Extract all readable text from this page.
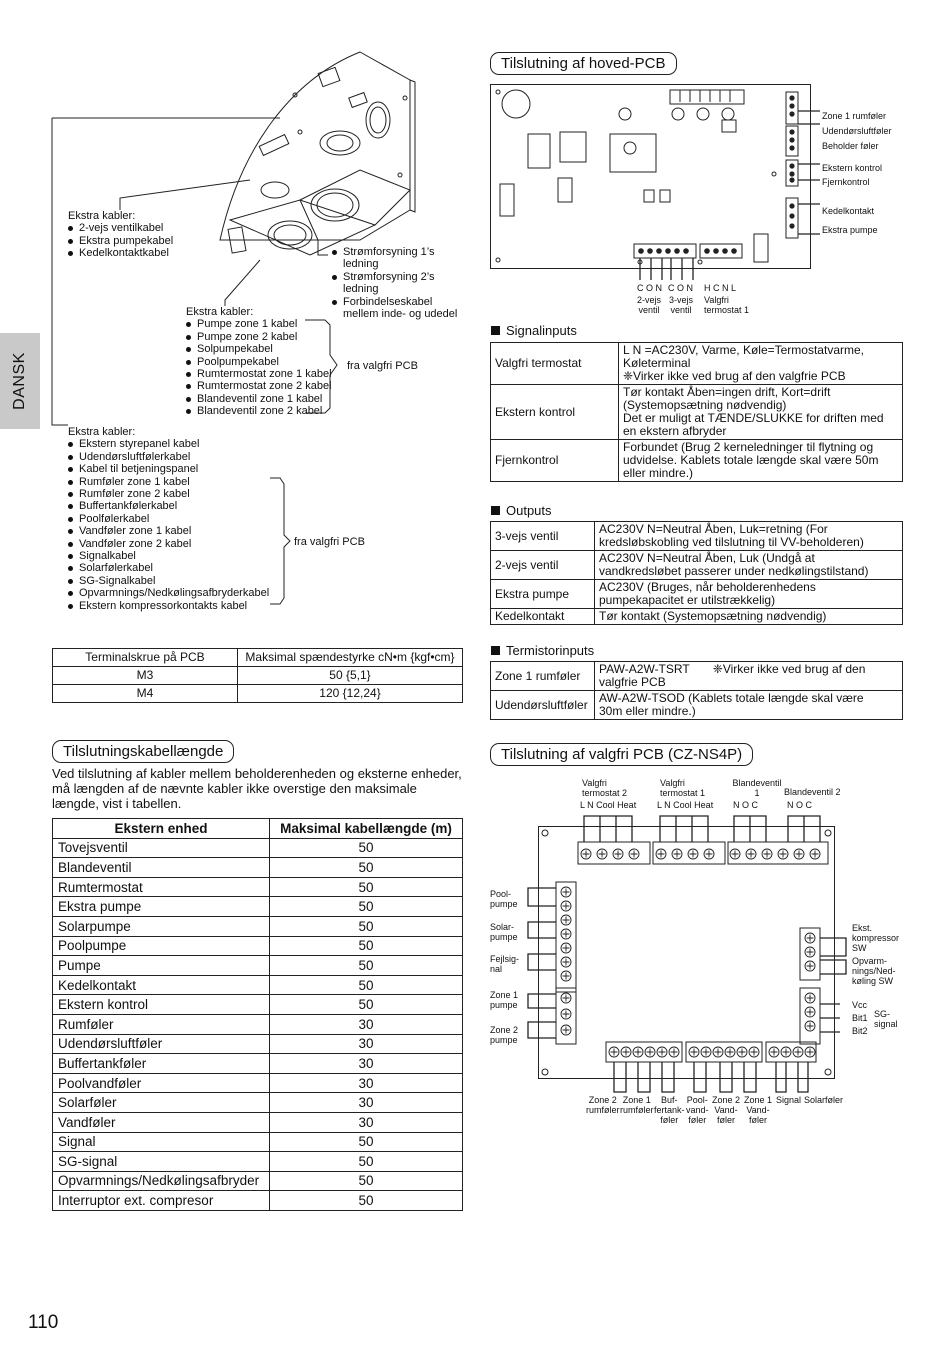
DANSK
Ekstra kabler:
2-vejs ventilkabel
Ekstra pumpekabel
Kedelkontaktkabel	Strømforsyning 1’s
ledning
Strømforsyning 2’s
ledning
Forbindelseskabel
mellem inde- og udedel
Ekstra kabler:
Pumpe zone 1 kabel
Pumpe zone 2 kabel
Solpumpekabel
Poolpumpekabel
Rumtermostat zone 1 kabel
Rumtermostat zone 2 kabel
Blandeventil zone 1 kabel
Blandeventil zone 2 kabel
fra valgfri PCB
Ekstra kabler:
Ekstern styrepanel kabel
Udendørsluftfølerkabel
Kabel til betjeningspanel
Rumføler zone 1 kabel
Rumføler zone 2 kabel
Buffertankfølerkabel
Poolfølerkabel
Vandføler zone 1 kabel
Vandføler zone 2 kabel
Signalkabel
Solarfølerkabel
SG-Signalkabel
Opvarmnings/Nedkølingsafbryderkabel
Ekstern kompressorkontakts kabel
fra valgfri PCB
Terminalskrue på PCB	Maksimal spændestyrke cN•m {kgf•cm}
M3	50 {5,1}
M4	120 {12,24}
Tilslutningskabellængde
Ved tilslutning af kabler mellem beholderenheden og eksterne enheder, må længden af de nævnte kabler ikke overstige den maksimale længde, vist i tabellen.
Ekstern enhed	Maksimal kabellængde (m)
Tovejsventil	50
Blandeventil	50
Rumtermostat	50
Ekstra pumpe	50
Solarpumpe	50
Poolpumpe	50
Pumpe	50
Kedelkontakt	50
Ekstern kontrol	50
Rumføler	30
Udendørsluftføler	30
Buffertankføler	30
Poolvandføler	30
Solarføler	30
Vandføler	30
Signal	50
SG-signal	50
Opvarmnings/Nedkølingsafbryder	50
Interruptor ext. compresor	50
110
Tilslutning af hoved-PCB
Zone 1 rumføler
Udendørsluftføler
Beholder føler
Ekstern kontrol
Fjernkontrol
Kedelkontakt
Ekstra pumpe
C O N C O N H C N L
2-vejs
ventil
3-vejs
ventil
Valgfri
termostat 1
Signalinputs
Valgfri termostat	L N =AC230V, Varme, Køle=Termostatvarme,
Køleterminal
❈Virker ikke ved brug af den valgfrie PCB

Ekstern kontrol	Tør kontakt Åben=ingen drift, Kort=drift
(Systemopsætning nødvendig)
Det er muligt at TÆNDE/SLUKKE for driften med
en ekstern afbryder

Fjernkontrol	Forbundet (Brug 2 kerneledninger til flytning og
udvidelse. Kablets totale længde skal være 50m
eller mindre.)
Outputs
3-vejs ventil	AC230V N=Neutral Åben, Luk=retning (For
kredsløbskobling ved tilslutning til VV-beholderen)

2-vejs ventil	AC230V N=Neutral Åben, Luk (Undgå at
vandkredsløbet passerer under nedkølingstilstand)

Ekstra pumpe	AC230V (Bruges, når beholderenhedens
pumpekapacitet er utilstrækkelig)

Kedelkontakt	Tør kontakt (Systemopsætning nødvendig)
Termistorinputs
Zone 1 rumføler	PAW-A2W-TSRT       ❈Virker ikke ved brug af den
valgfrie PCB

Udendørsluftføler	AW-A2W-TSOD (Kablets totale længde skal være
30m eller mindre.)
Tilslutning af valgfri PCB (CZ-NS4P)
Valgfri
termostat 2
Valgfri
termostat 1
Blandeventil
1	Blandeventil 2
L N Cool Heat L N Cool Heat N O C	N O C
Pool-
pumpe
Solar-
pumpe
Fejlsig-
nal
Zone 1
pumpe
Zone 2
pumpe
Ekst.
kompressor
SW
Opvarm-
nings/Ned-
køling SW
Vcc
Bit1
Bit2
SG-
signal
Zone 2
rumføler
Zone 1
rumføler
Buf-
fertank-
føler
Pool-
vand-
føler
Zone 2
Vand-
føler
Zone 1
Vand-
føler
Signal Solarføler
